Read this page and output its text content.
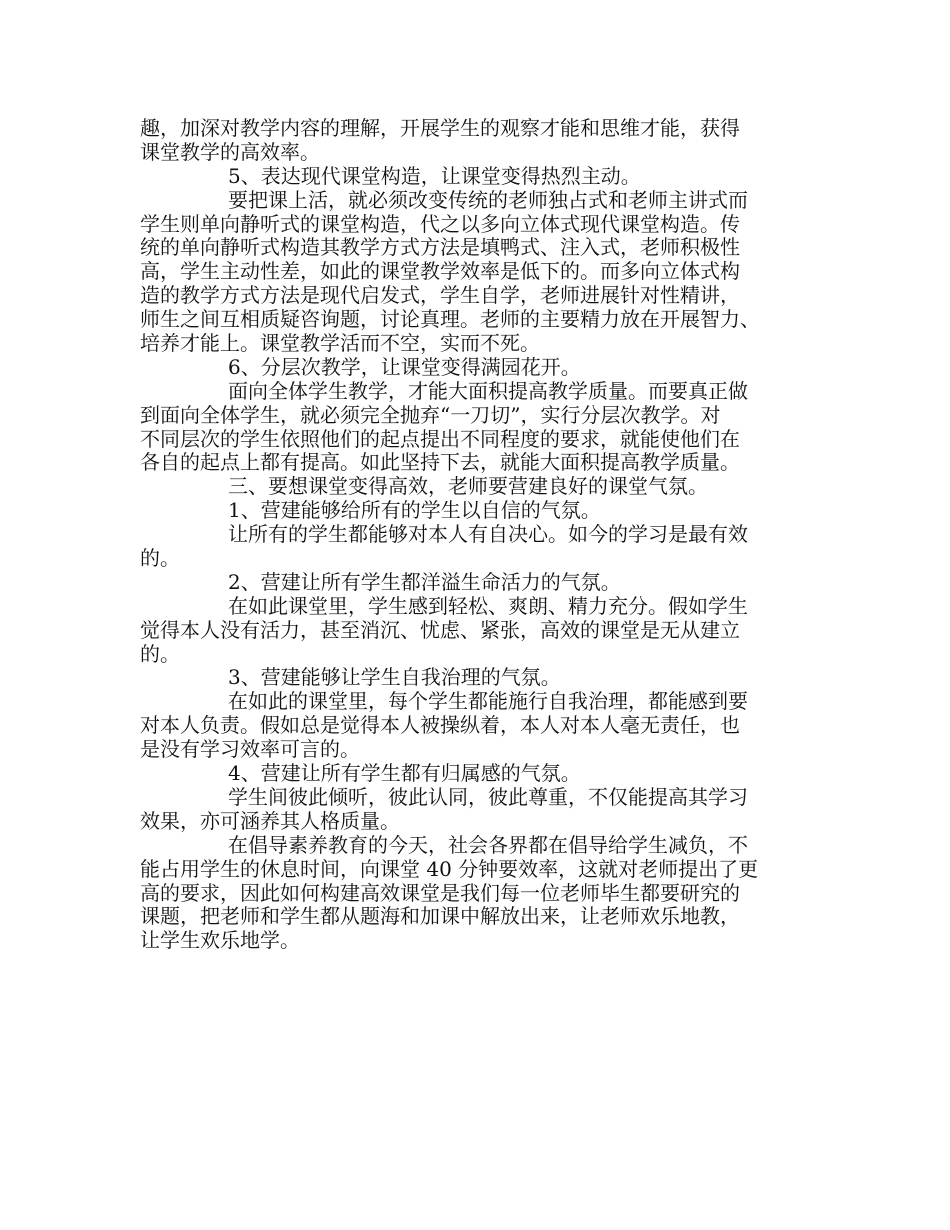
趣，加深对教学内容的理解，开展学生的观察才能和思维才能，获得
课堂教学的高效率。
5、表达现代课堂构造，让课堂变得热烈主动。
要把课上活，就必须改变传统的老师独占式和老师主讲式而
学生则单向静听式的课堂构造，代之以多向立体式现代课堂构造。传
统的单向静听式构造其教学方式方法是填鸭式、注入式，老师积极性
高，学生主动性差，如此的课堂教学效率是低下的。而多向立体式构
造的教学方式方法是现代启发式，学生自学，老师进展针对性精讲，
师生之间互相质疑咨询题，讨论真理。老师的主要精力放在开展智力、
培养才能上。课堂教学活而不空，实而不死。
6、分层次教学，让课堂变得满园花开。
面向全体学生教学，才能大面积提高教学质量。而要真正做
到面向全体学生，就必须完全抛弃“一刀切”，实行分层次教学。对
不同层次的学生依照他们的起点提出不同程度的要求，就能使他们在
各自的起点上都有提高。如此坚持下去，就能大面积提高教学质量。
三、要想课堂变得高效，老师要营建良好的课堂气氛。
1、营建能够给所有的学生以自信的气氛。
让所有的学生都能够对本人有自决心。如今的学习是最有效
的。
2、营建让所有学生都洋溢生命活力的气氛。
在如此课堂里，学生感到轻松、爽朗、精力充分。假如学生
觉得本人没有活力，甚至消沉、忧虑、紧张，高效的课堂是无从建立
的。
3、营建能够让学生自我治理的气氛。
在如此的课堂里，每个学生都能施行自我治理，都能感到要
对本人负责。假如总是觉得本人被操纵着，本人对本人毫无责任，也
是没有学习效率可言的。
4、营建让所有学生都有归属感的气氛。
学生间彼此倾听，彼此认同，彼此尊重，不仅能提高其学习
效果，亦可涵养其人格质量。
在倡导素养教育的今天，社会各界都在倡导给学生减负，不
能占用学生的休息时间，向课堂 40 分钟要效率，这就对老师提出了更
高的要求，因此如何构建高效课堂是我们每一位老师毕生都要研究的
课题，把老师和学生都从题海和加课中解放出来，让老师欢乐地教，
让学生欢乐地学。
